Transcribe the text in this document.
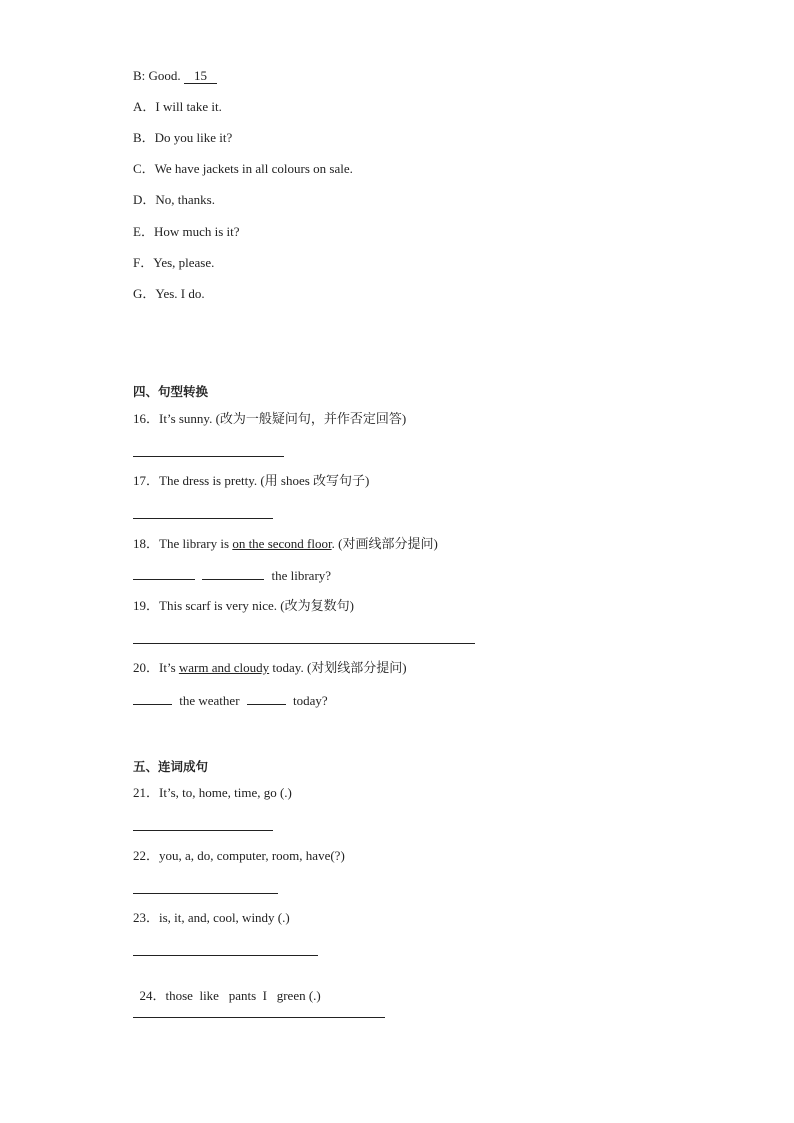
B: Good. 15
A．I will take it.
B．Do you like it?
C．We have jackets in all colours on sale.
D．No, thanks.
E．How much is it?
F．Yes, please.
G．Yes. I do.
四、句型转换
16．It’s sunny. (改为一般疑问句，并作否定回答)
17．The dress is pretty. (用 shoes 改写句子)
18．The library is on the second floor. (对画线部分提问)
the library?
19．This scarf is very nice. (改为复数句)
20．It’s warm and cloudy today. (对划线部分提问)
the weather	today?
五、连词成句
21．It’s, to, home, time, go (.)
22．you, a, do, computer, room, have(?)
23．is, it, and, cool, windy (.)

24．those  like   pants  I   green (.)
